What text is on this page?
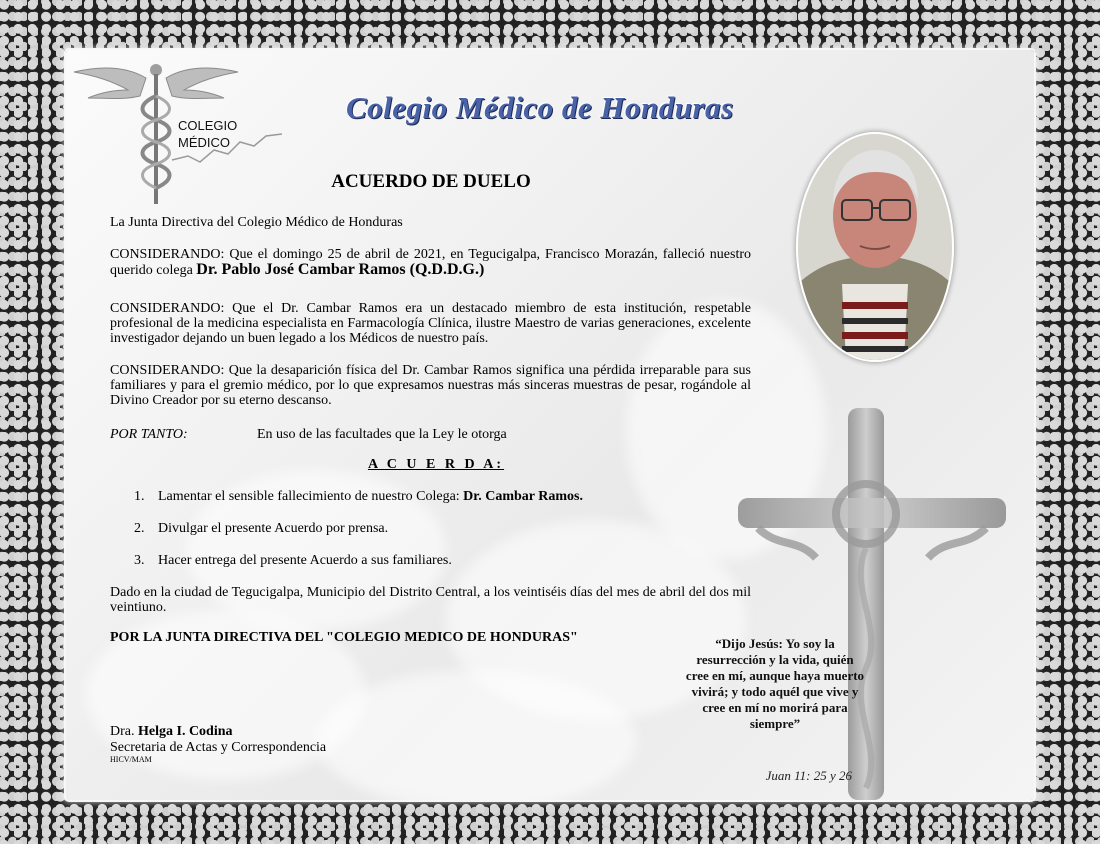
COLEGIO
MÉDICO
Colegio Médico de Honduras
ACUERDO DE DUELO
La Junta Directiva del Colegio Médico de Honduras
CONSIDERANDO: Que el domingo 25 de abril de 2021, en Tegucigalpa, Francisco Morazán, falleció nuestro querido colega Dr. Pablo José Cambar Ramos (Q.D.D.G.)
CONSIDERANDO: Que el Dr. Cambar Ramos era un destacado miembro de esta institución, respetable profesional de la medicina especialista en Farmacología Clínica, ilustre Maestro de varias generaciones, excelente investigador dejando un buen legado a los Médicos de nuestro país.
CONSIDERANDO: Que la desaparición física del Dr. Cambar Ramos significa una pérdida irreparable para sus familiares y para el gremio médico, por lo que expresamos nuestras más sinceras muestras de pesar, rogándole al Divino Creador por su eterno descanso.
POR TANTO:	En uso de las facultades que la Ley le otorga
A C U E R D A:
1. Lamentar el sensible fallecimiento de nuestro Colega: Dr. Cambar Ramos.
2. Divulgar el presente Acuerdo por prensa.
3. Hacer entrega del presente Acuerdo a sus familiares.
Dado en la ciudad de Tegucigalpa, Municipio del Distrito Central, a los veintiséis días del mes de abril del dos mil veintiuno.
POR LA JUNTA DIRECTIVA DEL "COLEGIO MEDICO DE HONDURAS"
Dra. Helga I. Codina
Secretaria de Actas y Correspondencia
HICV/MAM
“Dijo Jesús: Yo soy la resurrección y la vida, quién cree en mí, aunque haya muerto vivirá; y todo aquél que vive y cree en mí no morirá para siempre”
Juan 11: 25 y 26
